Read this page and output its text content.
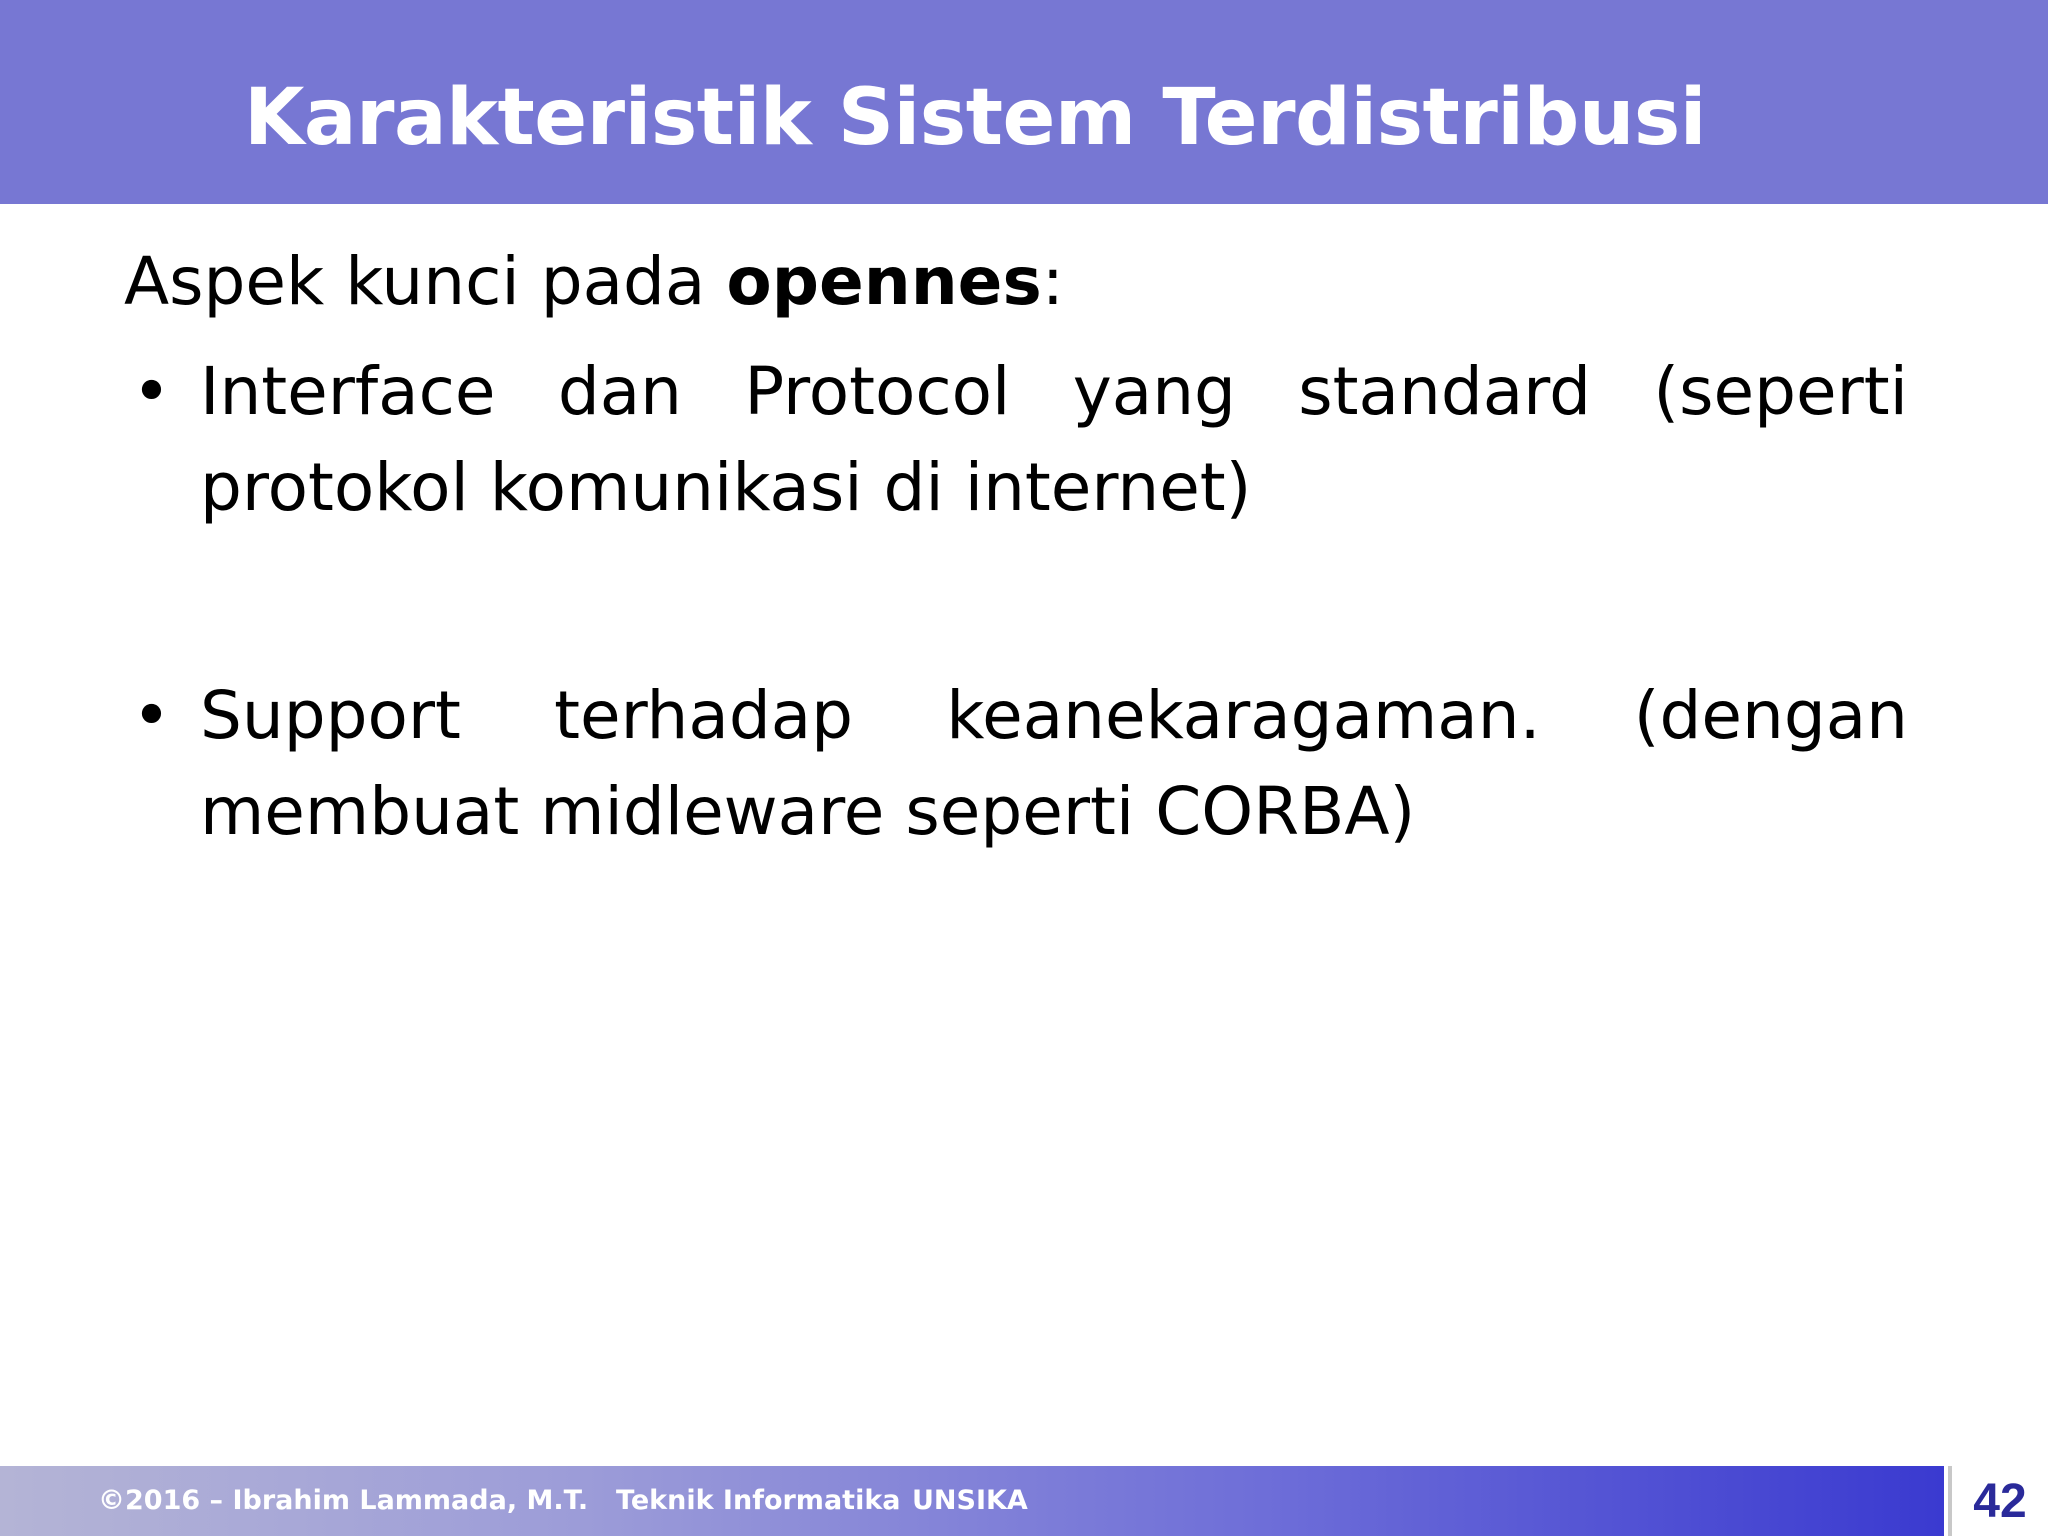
Karakteristik Sistem Terdistribusi
Aspek kunci pada opennes:
• Interface dan Protocol yang standard (seperti protokol komunikasi di internet)
• Support terhadap keanekaragaman. (dengan membuat midleware seperti CORBA)
©2016 – Ibrahim Lammada, M.T. Teknik Informatika UNSIKA	42
